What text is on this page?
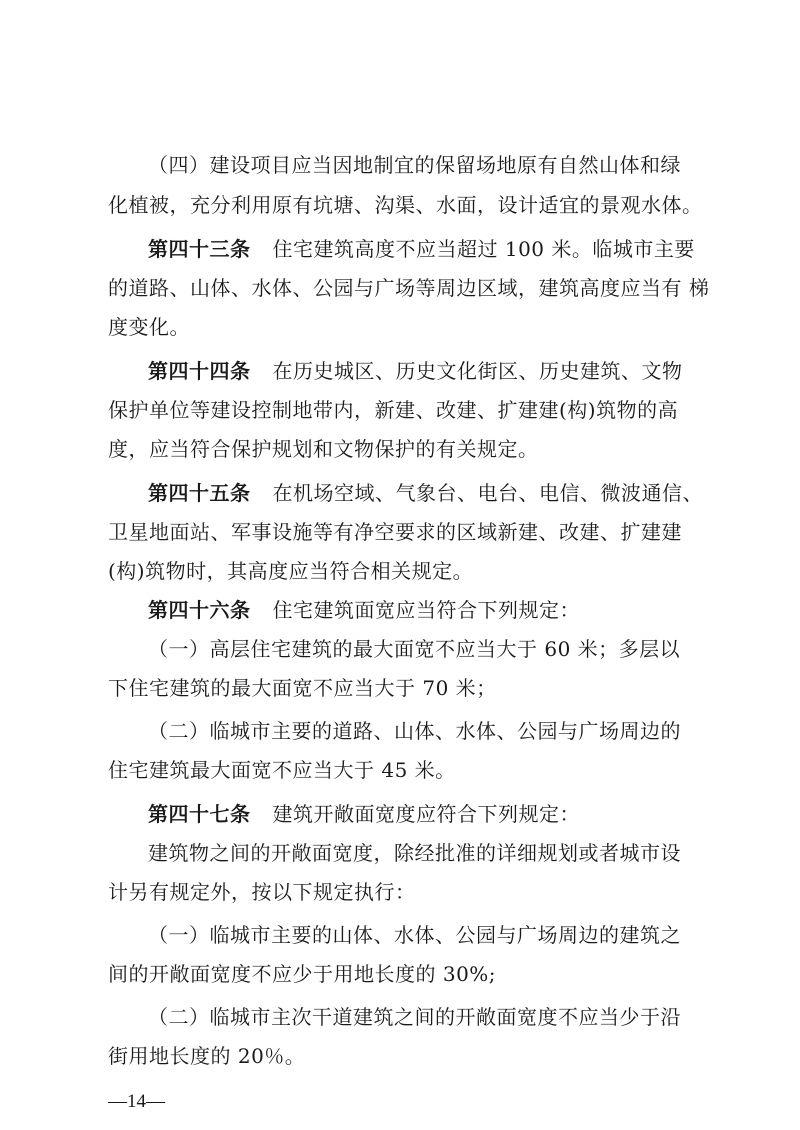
（四）建设项目应当因地制宜的保留场地原有自然山体和绿
化植被，充分利用原有坑塘、沟渠、水面，设计适宜的景观水体。
第四十三条 住宅建筑高度不应当超过 100 米。临城市主要
的道路、山体、水体、公园与广场等周边区域，建筑高度应当有 梯
度变化。
第四十四条 在历史城区、历史文化街区、历史建筑、文物
保护单位等建设控制地带内，新建、改建、扩建建(构)筑物的高
度，应当符合保护规划和文物保护的有关规定。
第四十五条 在机场空域、气象台、电台、电信、微波通信、
卫星地面站、军事设施等有净空要求的区域新建、改建、扩建建
(构)筑物时，其高度应当符合相关规定。
第四十六条 住宅建筑面宽应当符合下列规定：
（一）高层住宅建筑的最大面宽不应当大于 60 米；多层以
下住宅建筑的最大面宽不应当大于 70 米；
（二）临城市主要的道路、山体、水体、公园与广场周边的
住宅建筑最大面宽不应当大于 45 米。
第四十七条 建筑开敞面宽度应符合下列规定：
建筑物之间的开敞面宽度，除经批准的详细规划或者城市设
计另有规定外，按以下规定执行：
（一）临城市主要的山体、水体、公园与广场周边的建筑之
间的开敞面宽度不应少于用地长度的 30%;
（二）临城市主次干道建筑之间的开敞面宽度不应当少于沿
街用地长度的 20％。
—14—
